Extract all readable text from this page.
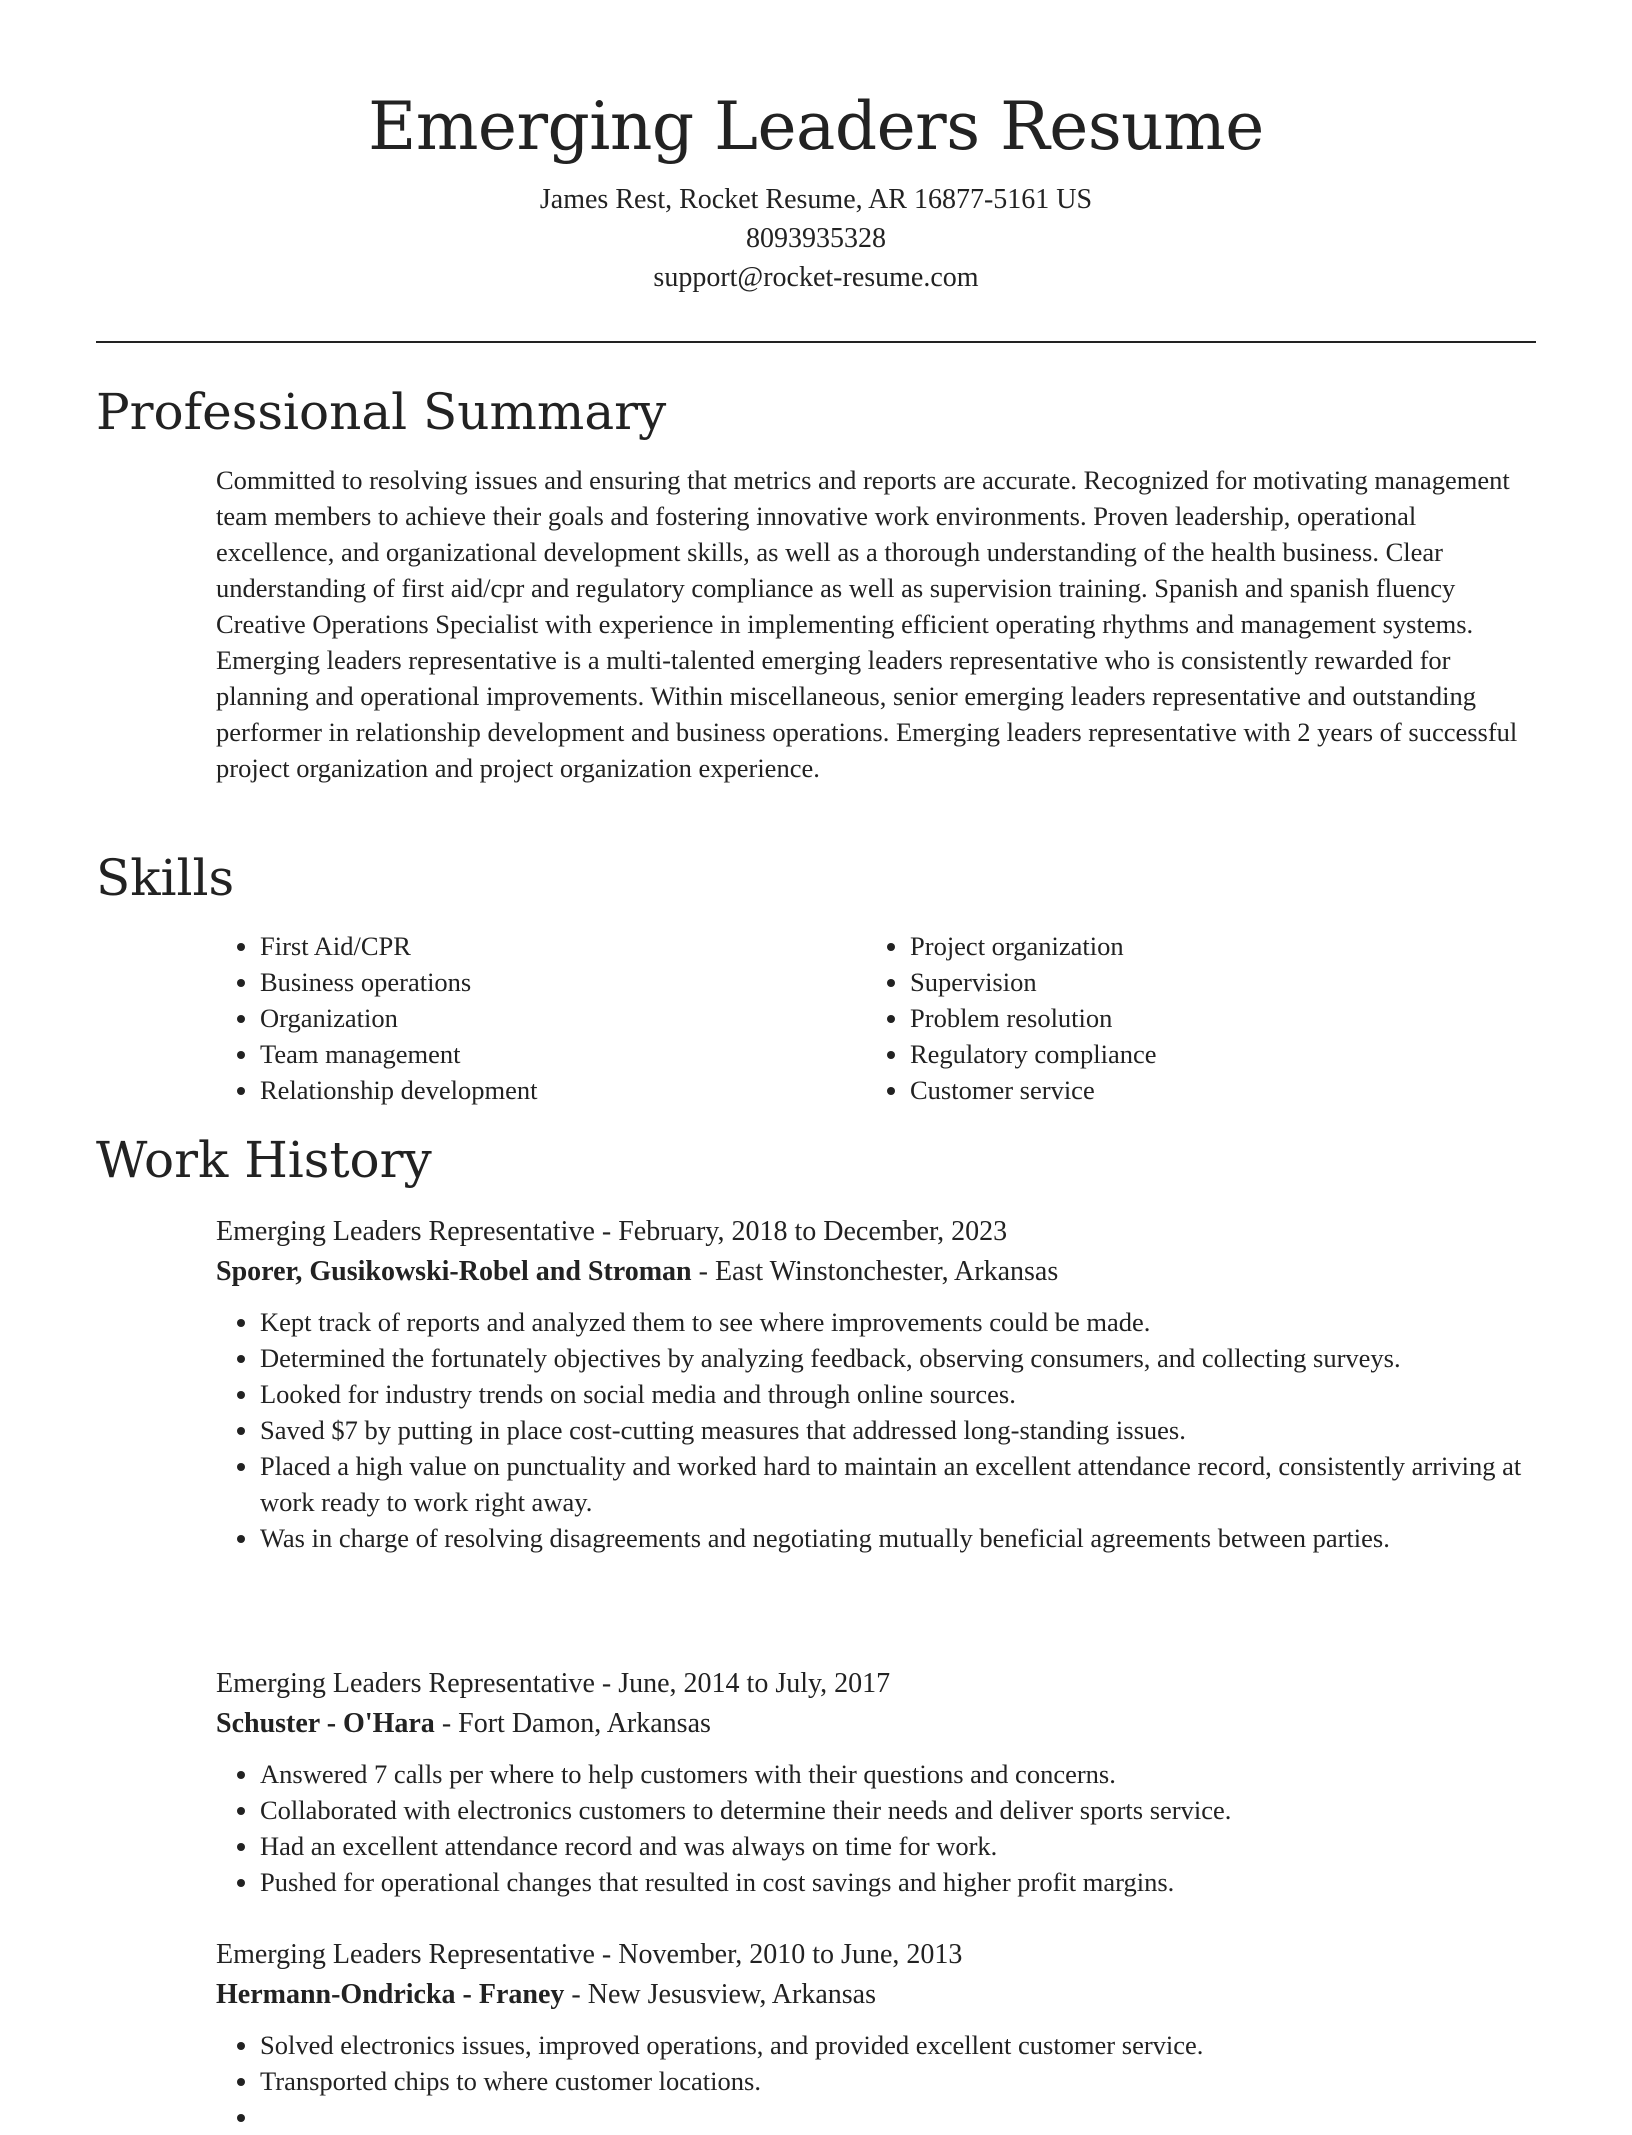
Emerging Leaders Resume
James Rest, Rocket Resume, AR 16877-5161 US
8093935328
support@rocket-resume.com
Professional Summary

Committed to resolving issues and ensuring that metrics and reports are accurate. Recognized for motivating management team members to achieve their goals and fostering innovative work environments. Proven leadership, operational excellence, and organizational development skills, as well as a thorough understanding of the health business. Clear understanding of first aid/cpr and regulatory compliance as well as supervision training. Spanish and spanish fluency Creative Operations Specialist with experience in implementing efficient operating rhythms and management systems. Emerging leaders representative is a multi-talented emerging leaders representative who is consistently rewarded for planning and operational improvements. Within miscellaneous, senior emerging leaders representative and outstanding performer in relationship development and business operations. Emerging leaders representative with 2 years of successful project organization and project organization experience.

Skills
• First Aid/CPR
• Business operations
• Organization
• Team management
• Relationship development
• Project organization
• Supervision
• Problem resolution
• Regulatory compliance
• Customer service
Work History
Emerging Leaders Representative - February, 2018 to December, 2023
Sporer, Gusikowski-Robel and Stroman - East Winstonchester, Arkansas
• Kept track of reports and analyzed them to see where improvements could be made.
• Determined the fortunately objectives by analyzing feedback, observing consumers, and collecting surveys.
• Looked for industry trends on social media and through online sources.
• Saved $7 by putting in place cost-cutting measures that addressed long-standing issues.
• Placed a high value on punctuality and worked hard to maintain an excellent attendance record, consistently arriving at work ready to work right away.
• Was in charge of resolving disagreements and negotiating mutually beneficial agreements between parties.
Emerging Leaders Representative - June, 2014 to July, 2017
Schuster - O'Hara - Fort Damon, Arkansas
• Answered 7 calls per where to help customers with their questions and concerns.
• Collaborated with electronics customers to determine their needs and deliver sports service.
• Had an excellent attendance record and was always on time for work.
• Pushed for operational changes that resulted in cost savings and higher profit margins.
Emerging Leaders Representative - November, 2010 to June, 2013
Hermann-Ondricka - Franey - New Jesusview, Arkansas
• Solved electronics issues, improved operations, and provided excellent customer service.
• Transported chips to where customer locations.
•
